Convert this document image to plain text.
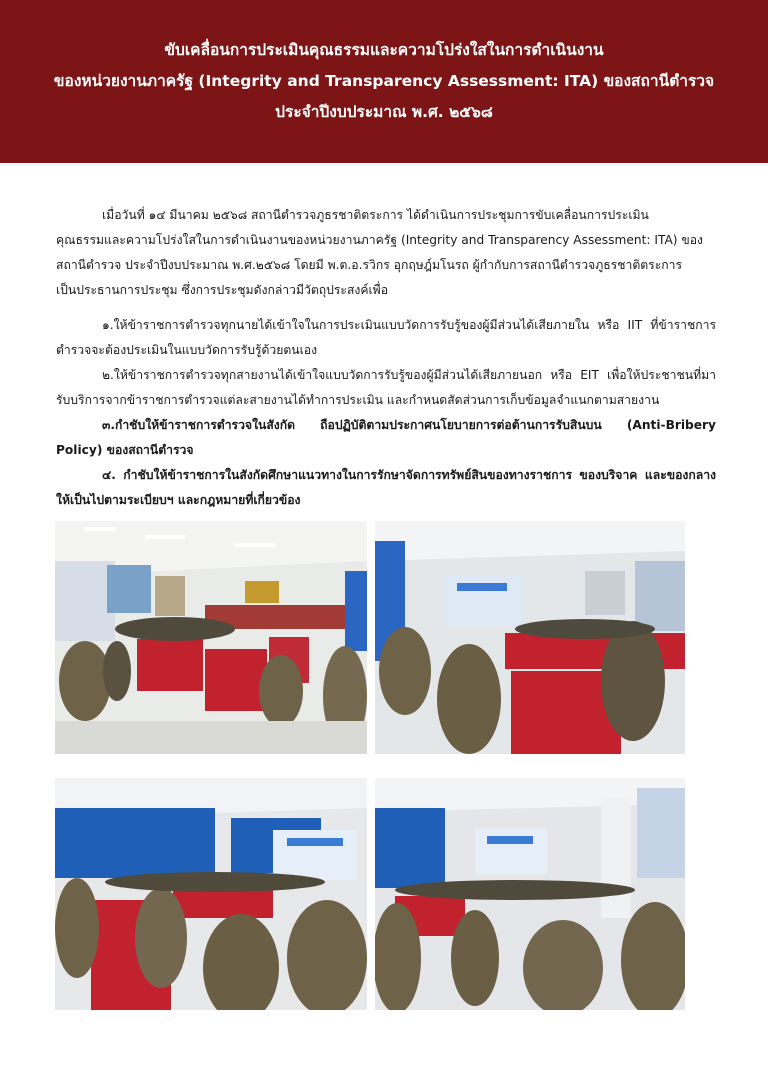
ขับเคลื่อนการประเมินคุณธรรมและความโปร่งใสในการดำเนินงาน
ของหน่วยงานภาครัฐ (Integrity and Transparency Assessment: ITA) ของสถานีตำรวจ
ประจำปีงบประมาณ พ.ศ. ๒๕๖๘
เมื่อวันที่ ๑๔ มีนาคม ๒๕๖๘ สถานีตำรวจภูธรชาติตระการ ได้ดำเนินการประชุมการขับเคลื่อนการประเมิน
คุณธรรมและความโปร่งใสในการดำเนินงานของหน่วยงานภาครัฐ (Integrity and Transparency Assessment: ITA) ของ
สถานีตำรวจ ประจำปีงบประมาณ พ.ศ.๒๕๖๘ โดยมี พ.ต.อ.รวิกร อุกฤษฎ์มโนรถ ผู้กำกับการสถานีตำรวจภูธรชาติตระการ
เป็นประธานการประชุม ซึ่งการประชุมดังกล่าวมีวัตถุประสงค์เพื่อ

๑.ให้ข้าราชการตำรวจทุกนายได้เข้าใจในการประเมินแบบวัดการรับรู้ของผู้มีส่วนได้เสียภายใน หรือ IIT ที่ข้าราชการตำรวจจะต้องประเมินในแบบวัดการรับรู้ด้วยตนเอง

๒.ให้ข้าราชการตำรวจทุกสายงานได้เข้าใจแบบวัดการรับรู้ของผู้มีส่วนได้เสียภายนอก หรือ EIT เพื่อให้ประชาชนที่มารับบริการจากข้าราชการตำรวจแต่ละสายงานได้ทำการประเมิน และกำหนดสัดส่วนการเก็บข้อมูลจำแนกตามสายงาน

๓.กำชับให้ข้าราชการตำรวจในสังกัด ถือปฏิบัติตามประกาศนโยบายการต่อต้านการรับสินบน (Anti-Bribery Policy) ของสถานีตำรวจ

๔. กำชับให้ข้าราชการในสังกัดศึกษาแนวทางในการรักษาจัดการทรัพย์สินของทางราชการ ของบริจาค และของกลางให้เป็นไปตามระเบียบฯ และกฎหมายที่เกี่ยวข้อง
